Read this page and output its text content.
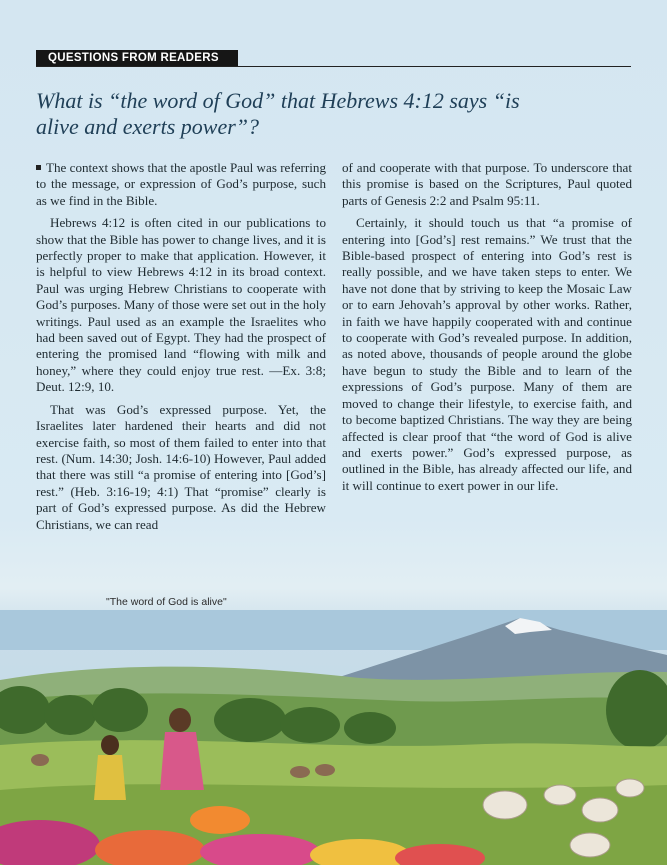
QUESTIONS FROM READERS
What is “the word of God” that Hebrews 4:12 says “is alive and exerts power”?

The context shows that the apostle Paul was referring to the message, or expression of God’s purpose, such as we find in the Bible.

Hebrews 4:12 is often cited in our publications to show that the Bible has power to change lives, and it is perfectly proper to make that application. However, it is helpful to view Hebrews 4:12 in its broad context. Paul was urging Hebrew Christians to cooperate with God’s purposes. Many of those were set out in the holy writings. Paul used as an example the Israelites who had been saved out of Egypt. They had the prospect of entering the promised land “flowing with milk and honey,” where they could enjoy true rest. —Ex. 3:8; Deut. 12:9, 10.

That was God’s expressed purpose. Yet, the Israelites later hardened their hearts and did not exercise faith, so most of them failed to enter into that rest. (Num. 14:30; Josh. 14:6-10) However, Paul added that there was still “a promise of entering into [God’s] rest.” (Heb. 3:16-19; 4:1) That “promise” clearly is part of God’s expressed purpose. As did the Hebrew Christians, we can read

of and cooperate with that purpose. To underscore that this promise is based on the Scriptures, Paul quoted parts of Genesis 2:2 and Psalm 95:11.

Certainly, it should touch us that “a promise of entering into [God’s] rest remains.” We trust that the Bible-based prospect of entering into God’s rest is really possible, and we have taken steps to enter. We have not done that by striving to keep the Mosaic Law or to earn Jehovah’s approval by other works. Rather, in faith we have happily cooperated with and continue to cooperate with God’s revealed purpose. In addition, as noted above, thousands of people around the globe have begun to study the Bible and to learn of the expressions of God’s purpose. Many of them are moved to change their lifestyle, to exercise faith, and to become baptized Christians. The way they are being affected is clear proof that “the word of God is alive and exerts power.” God’s expressed purpose, as outlined in the Bible, has already affected our life, and it will continue to exert power in our life.

"The word of God is alive"
